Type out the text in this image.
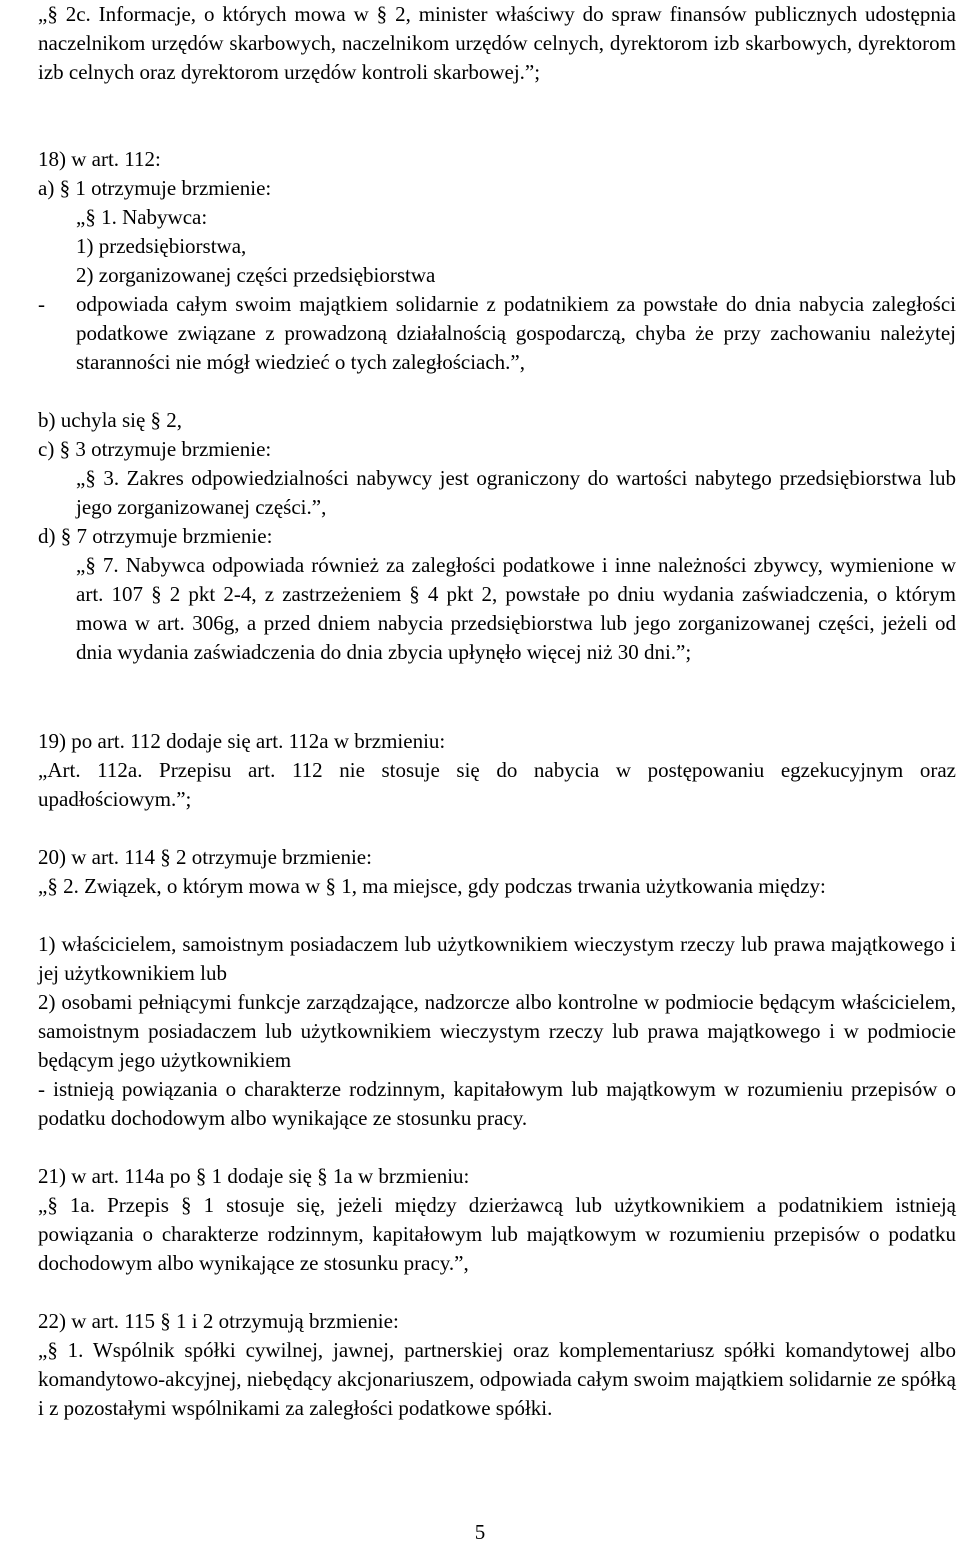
„§ 2c. Informacje, o których mowa w § 2, minister właściwy do spraw finansów publicznych udostępnia naczelnikom urzędów skarbowych, naczelnikom urzędów celnych, dyrektorom izb skarbowych, dyrektorom izb celnych oraz dyrektorom urzędów kontroli skarbowej.”;

18) w art. 112:

a) § 1 otrzymuje brzmienie:

„§ 1. Nabywca:

1) przedsiębiorstwa,

2) zorganizowanej części przedsiębiorstwa

-	odpowiada całym swoim majątkiem solidarnie z podatnikiem za powstałe do dnia nabycia zaległości podatkowe związane z prowadzoną działalnością gospodarczą, chyba że przy zachowaniu należytej staranności nie mógł wiedzieć o tych zaległościach.”,

b) uchyla się § 2,

c) § 3 otrzymuje brzmienie:

„§ 3. Zakres odpowiedzialności nabywcy jest ograniczony do wartości nabytego przedsiębiorstwa lub jego zorganizowanej części.”,

d) § 7 otrzymuje brzmienie:

„§ 7. Nabywca odpowiada również za zaległości podatkowe i inne należności zbywcy, wymienione w art. 107 § 2 pkt 2-4, z zastrzeżeniem § 4 pkt 2, powstałe po dniu wydania zaświadczenia, o którym mowa w art. 306g, a przed dniem nabycia przedsiębiorstwa lub jego zorganizowanej części, jeżeli od dnia wydania zaświadczenia do dnia zbycia upłynęło więcej niż 30 dni.”;

19) po art. 112 dodaje się art. 112a w brzmieniu:

„Art. 112a. Przepisu art. 112 nie stosuje się do nabycia w postępowaniu egzekucyjnym oraz upadłościowym.”;

20) w art. 114 § 2 otrzymuje brzmienie:

„§ 2. Związek, o którym mowa w § 1, ma miejsce, gdy podczas trwania użytkowania między:

1) właścicielem, samoistnym posiadaczem lub użytkownikiem wieczystym rzeczy lub prawa majątkowego i jej użytkownikiem lub

2) osobami pełniącymi funkcje zarządzające, nadzorcze albo kontrolne w podmiocie będącym właścicielem, samoistnym posiadaczem lub użytkownikiem wieczystym rzeczy lub prawa majątkowego i w podmiocie będącym jego użytkownikiem

- istnieją powiązania o charakterze rodzinnym, kapitałowym lub majątkowym w rozumieniu przepisów o podatku dochodowym albo wynikające ze stosunku pracy.

21) w art. 114a po § 1 dodaje się § 1a w brzmieniu:

„§ 1a. Przepis § 1 stosuje się, jeżeli między dzierżawcą lub użytkownikiem a podatnikiem istnieją powiązania o charakterze rodzinnym, kapitałowym lub majątkowym w rozumieniu przepisów o podatku dochodowym albo wynikające ze stosunku pracy.”,

22) w art. 115 § 1 i 2 otrzymują brzmienie:

„§ 1. Wspólnik spółki cywilnej, jawnej, partnerskiej oraz komplementariusz spółki komandytowej albo komandytowo-akcyjnej, niebędący akcjonariuszem, odpowiada całym swoim majątkiem solidarnie ze spółką i z pozostałymi wspólnikami za zaległości podatkowe spółki.

5
